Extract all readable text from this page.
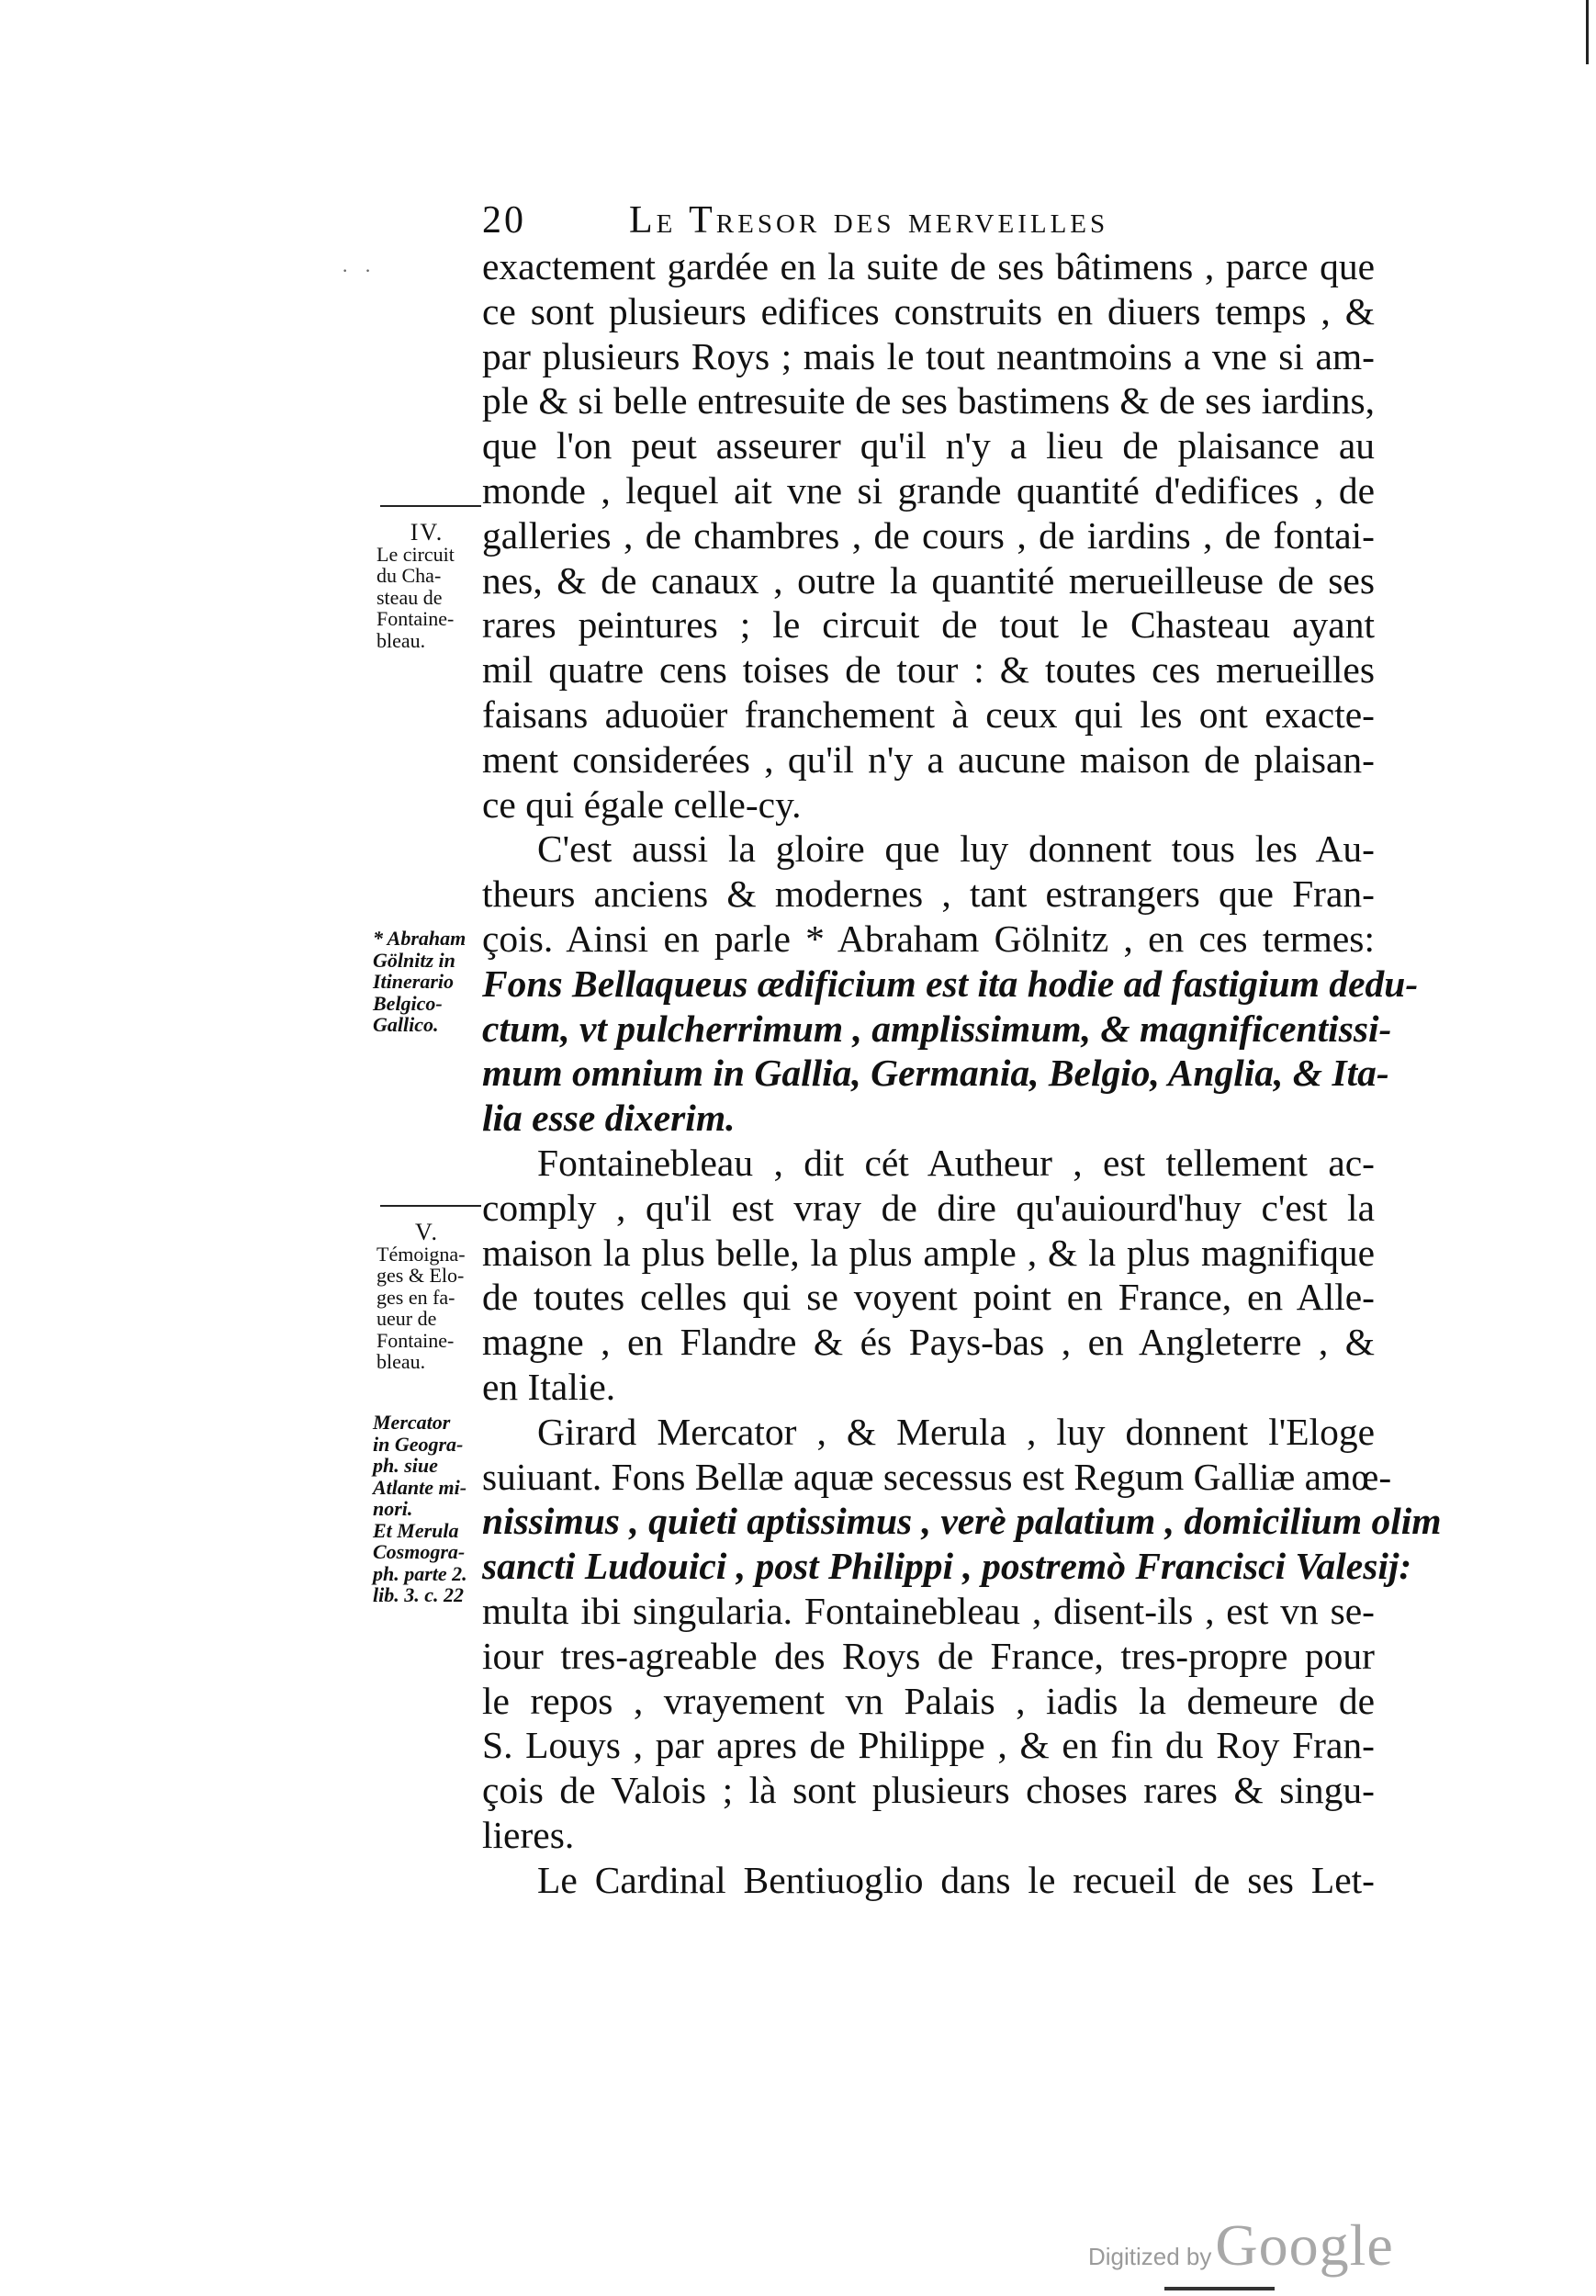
· ·
20	Le Tresor des merveilles
exactement gardée en la suite de ses bâtimens , parce que
ce sont plusieurs edifices construits en diuers temps , &
par plusieurs Roys ; mais le tout neantmoins a vne si am-
ple & si belle entresuite de ses bastimens & de ses iardins,
que l'on peut asseurer qu'il n'y a lieu de plaisance au
monde , lequel ait vne si grande quantité d'edifices , de
galleries , de chambres , de cours , de iardins , de fontai-
nes, & de canaux , outre la quantité merueilleuse de ses
rares peintures ; le circuit de tout le Chasteau ayant
mil quatre cens toises de tour : & toutes ces merueilles
faisans aduoüer franchement à ceux qui les ont exacte-
ment considerées , qu'il n'y a aucune maison de plaisan-
ce qui égale celle-cy.
C'est aussi la gloire que luy donnent tous les Au-
theurs anciens & modernes , tant estrangers que Fran-
çois. Ainsi en parle * Abraham Gölnitz , en ces termes:
Fons Bellaqueus ædificium est ita hodie ad fastigium dedu-
ctum, vt pulcherrimum , amplissimum, & magnificentissi-
mum omnium in Gallia, Germania, Belgio, Anglia, & Ita-
lia esse dixerim.
Fontainebleau , dit cét Autheur , est tellement ac-
comply , qu'il est vray de dire qu'auiourd'huy c'est la
maison la plus belle, la plus ample , & la plus magnifique
de toutes celles qui se voyent point en France, en Alle-
magne , en Flandre & és Pays-bas , en Angleterre , &
en Italie.
Girard Mercator , & Merula , luy donnent l'Eloge
suiuant. Fons Bellæ aquæ secessus est Regum Galliæ amœ-
nissimus , quieti aptissimus , verè palatium , domicilium olim
sancti Ludouici , post Philippi , postremò Francisci Valesij:
multa ibi singularia. Fontainebleau , disent-ils , est vn se-
iour tres-agreable des Roys de France, tres-propre pour
le repos , vrayement vn Palais , iadis la demeure de
S. Louys , par apres de Philippe , & en fin du Roy Fran-
çois de Valois ; là sont plusieurs choses rares & singu-
lieres.
Le Cardinal Bentiuoglio dans le recueil de ses Let-
IV.
Le circuit
du Cha-
steau de
Fontaine-
bleau.
* Abraham
Gölnitz in
Itinerario
Belgico-
Gallico.
V.
Témoigna-
ges & Elo-
ges en fa-
ueur de
Fontaine-
bleau.
Mercator
in Geogra-
ph. siue
Atlante mi-
nori.
Et Merula
Cosmogra-
ph. parte 2.
lib. 3. c. 22
Digitized by Google
